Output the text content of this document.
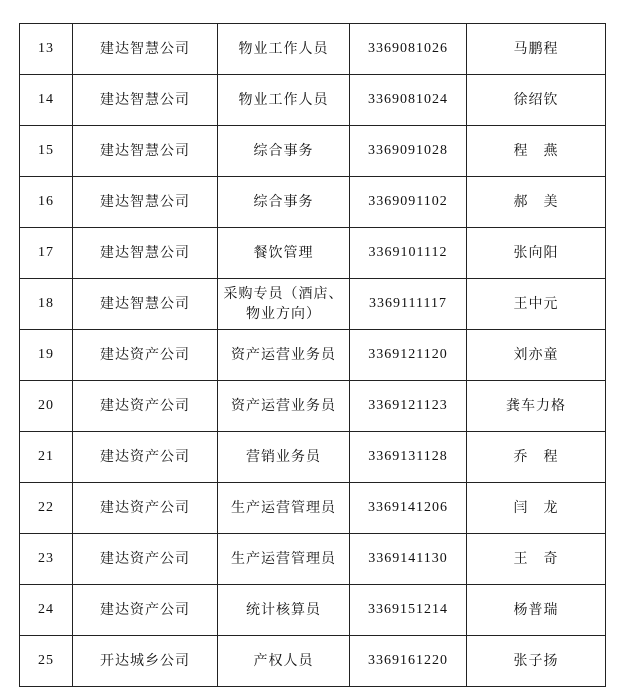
13	建达智慧公司	物业工作人员	3369081026	马鹏程
14	建达智慧公司	物业工作人员	3369081024	徐绍钦
15	建达智慧公司	综合事务	3369091028	程　燕
16	建达智慧公司	综合事务	3369091102	郝　美
17	建达智慧公司	餐饮管理	3369101112	张向阳
18	建达智慧公司	采购专员（酒店、物业方向）	3369111117	王中元
19	建达资产公司	资产运营业务员	3369121120	刘亦童
20	建达资产公司	资产运营业务员	3369121123	龚车力格
21	建达资产公司	营销业务员	3369131128	乔　程
22	建达资产公司	生产运营管理员	3369141206	闫　龙
23	建达资产公司	生产运营管理员	3369141130	王　奇
24	建达资产公司	统计核算员	3369151214	杨普瑞
25	开达城乡公司	产权人员	3369161220	张子扬
